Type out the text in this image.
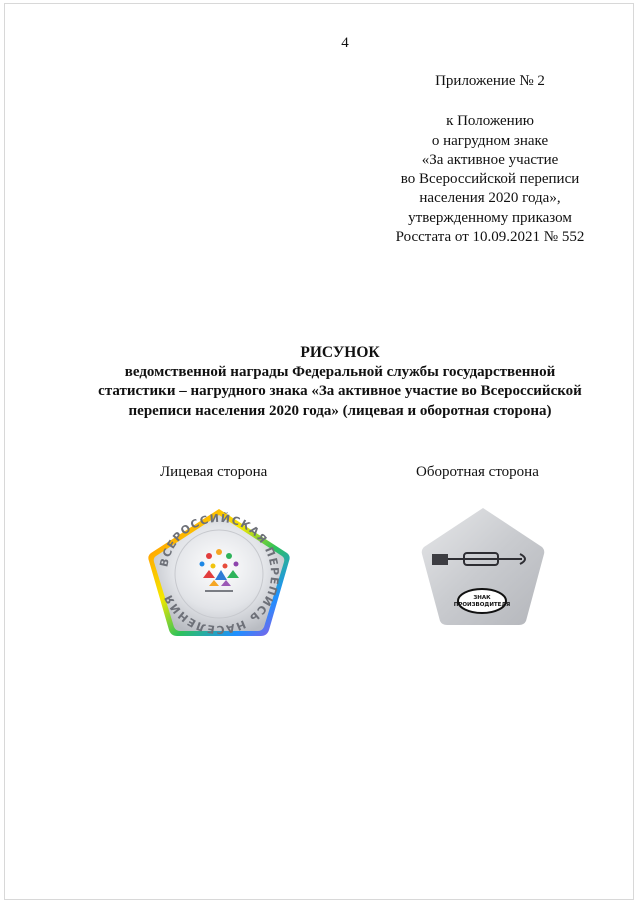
4
Приложение № 2
к Положению
о нагрудном знаке
«За активное участие
во Всероссийской переписи
населения 2020 года»,
утвержденному приказом
Росстата от 10.09.2021 № 552
РИСУНОК
ведомственной награды Федеральной службы государственной
статистики – нагрудного знака «За активное участие во Всероссийской
переписи населения 2020 года» (лицевая и оборотная сторона)
Лицевая сторона	Оборотная сторона
ВСЕРОССИЙСКАЯ ПЕРЕПИСЬ НАСЕЛЕНИЯ	ЗНАК
ПРОИЗВОДИТЕЛЯ
